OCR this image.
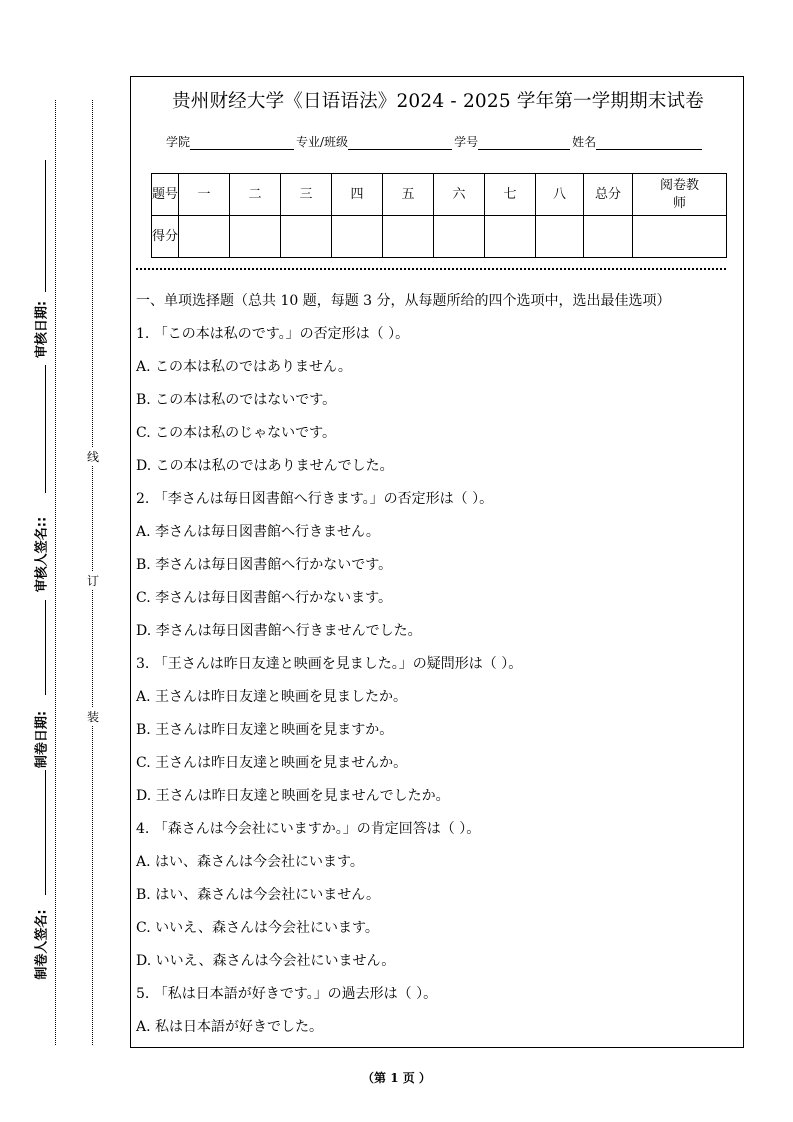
审核日期:
审核人签名::
制卷日期:
制卷人签名:
线
订
装
贵州财经大学《日语语法》2024 - 2025 学年第一学期期末试卷
学院	专业/班级	学号	姓名
题号	一	二	三	四	五	六	七	八	总分	阅卷教师
得分										
一、单项选择题（总共 10 题，每题 3 分，从每题所给的四个选项中，选出最佳选项）
1. 「この本は私のです。」の否定形は（ ）。
A. この本は私のではありません。
B. この本は私のではないです。
C. この本は私のじゃないです。
D. この本は私のではありませんでした。
2. 「李さんは毎日図書館へ行きます。」の否定形は（ ）。
A. 李さんは毎日図書館へ行きません。
B. 李さんは毎日図書館へ行かないです。
C. 李さんは毎日図書館へ行かないます。
D. 李さんは毎日図書館へ行きませんでした。
3. 「王さんは昨日友達と映画を見ました。」の疑問形は（ ）。
A. 王さんは昨日友達と映画を見ましたか。
B. 王さんは昨日友達と映画を見ますか。
C. 王さんは昨日友達と映画を見ませんか。
D. 王さんは昨日友達と映画を見ませんでしたか。
4. 「森さんは今会社にいますか。」の肯定回答は（ ）。
A. はい、森さんは今会社にいます。
B. はい、森さんは今会社にいません。
C. いいえ、森さんは今会社にいます。
D. いいえ、森さんは今会社にいません。
5. 「私は日本語が好きです。」の過去形は（ ）。
A. 私は日本語が好きでした。
（第 1 页 ）
